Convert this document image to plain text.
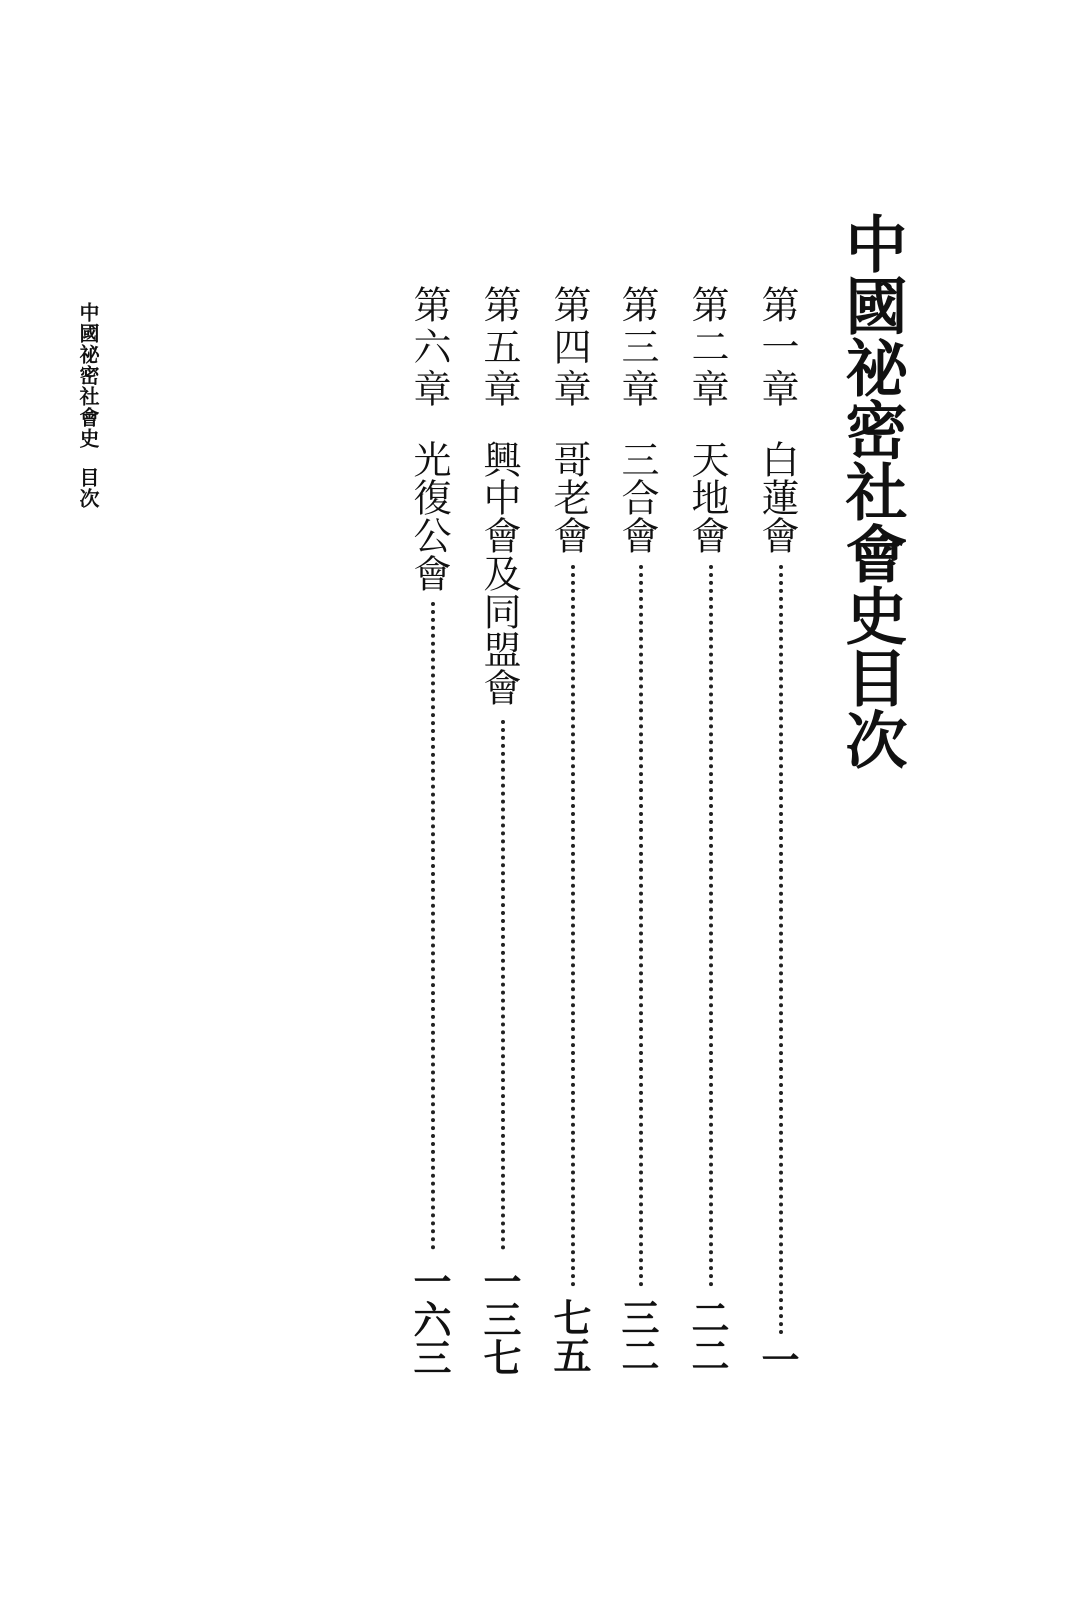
中國祕密社會史目次	中國祕密社會史目次
第一章
白蓮會
一
第二章
天地會
二二
第三章
三合會
三二
第四章
哥老會
七五
第五章
興中會及同盟會
一三七
第六章
光復公會
一六三
